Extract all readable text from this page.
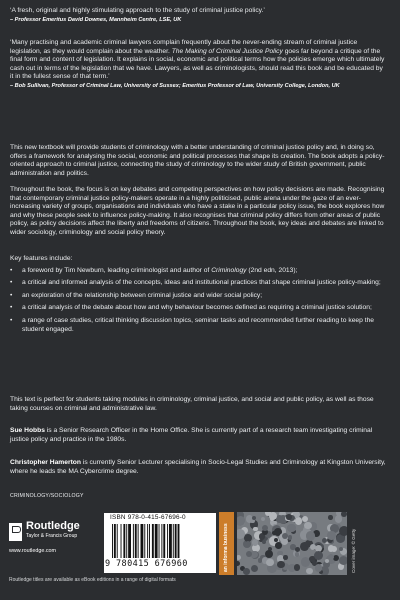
‘A fresh, original and highly stimulating approach to the study of criminal justice policy.’
– Professor Emeritus David Downes, Mannheim Centre, LSE, UK
‘Many practising and academic criminal lawyers complain frequently about the never-ending stream of criminal justice legislation, as they would complain about the weather. The Making of Criminal Justice Policy goes far beyond a critique of the final form and content of legislation. It explains in social, economic and political terms how the policies emerge which ultimately cash out in terms of the legislation that we have. Lawyers, as well as criminologists, should read this book and be educated by it in the fullest sense of that term.’
– Bob Sullivan, Professor of Criminal Law, University of Sussex; Emeritus Professor of Law, University College, London, UK
This new textbook will provide students of criminology with a better understanding of criminal justice policy and, in doing so, offers a framework for analysing the social, economic and political processes that shape its creation. The book adopts a policy-oriented approach to criminal justice, connecting the study of criminology to the wider study of British government, public administration and politics.
Throughout the book, the focus is on key debates and competing perspectives on how policy decisions are made. Recognising that contemporary criminal justice policy-makers operate in a highly politicised, public arena under the gaze of an ever-increasing variety of groups, organisations and individuals who have a stake in a particular policy issue, the book explores how and why these people seek to influence policy-making. It also recognises that criminal policy differs from other areas of public policy, as policy decisions affect the liberty and freedoms of citizens. Throughout the book, key ideas and debates are linked to wider sociology, criminology and social policy theory.
Key features include:
• a foreword by Tim Newburn, leading criminologist and author of Criminology (2nd edn, 2013);
• a critical and informed analysis of the concepts, ideas and institutional practices that shape criminal justice policy-making;
• an exploration of the relationship between criminal justice and wider social policy;
• a critical analysis of the debate about how and why behaviour becomes defined as requiring a criminal justice solution;
• a range of case studies, critical thinking discussion topics, seminar tasks and recommended further reading to keep the student engaged.
This text is perfect for students taking modules in criminology, criminal justice, and social and public policy, as well as those taking courses on criminal and administrative law.
Sue Hobbs is a Senior Research Officer in the Home Office. She is currently part of a research team investigating criminal justice policy and practice in the 1980s.
Christopher Hamerton is currently Senior Lecturer specialising in Socio-Legal Studies and Criminology at Kingston University, where he leads the MA Cybercrime degree.
CRIMINOLOGY/SOCIOLOGY
Routledge
Taylor & Francis Group
www.routledge.com
ISBN 978-0-415-67696-0
9 780415 676960	an informa business	Cover image: © Getty
Routledge titles are available as eBook editions in a range of digital formats
